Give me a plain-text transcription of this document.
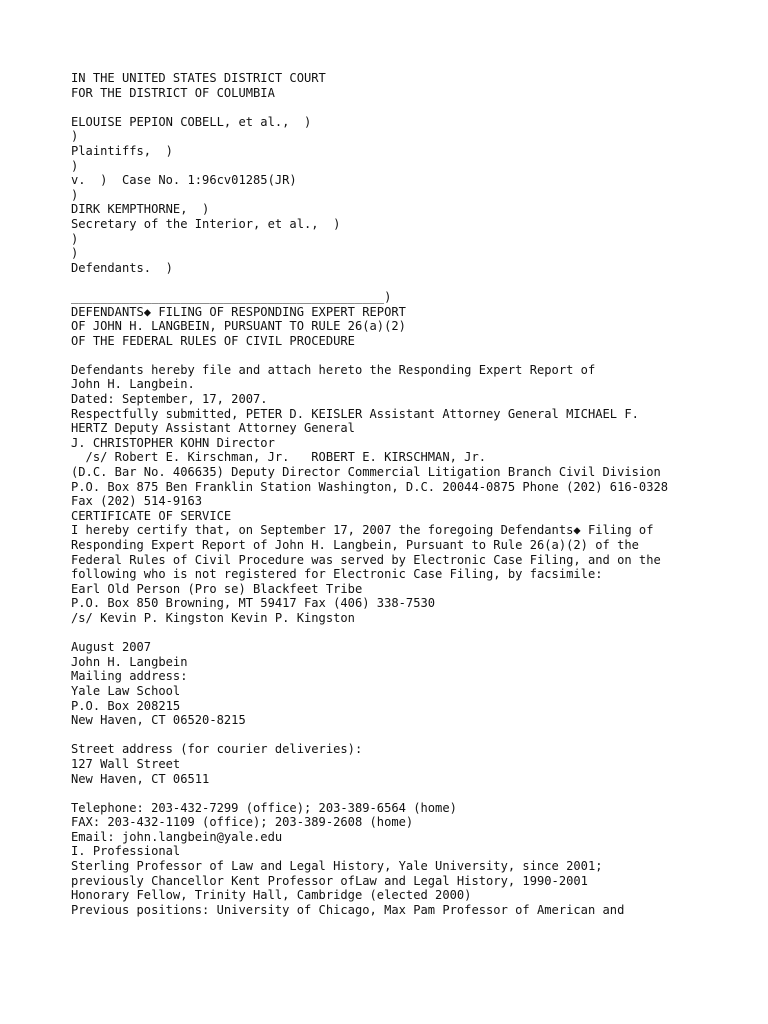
IN THE UNITED STATES DISTRICT COURT
FOR THE DISTRICT OF COLUMBIA
ELOUISE PEPION COBELL, et al.,  )
)
Plaintiffs,  )
)
v.  )  Case No. 1:96cv01285(JR)
)
DIRK KEMPTHORNE,  )
Secretary of the Interior, et al.,  )
)
)
Defendants.  )
___________________________________________)
DEFENDANTS◆ FILING OF RESPONDING EXPERT REPORT
OF JOHN H. LANGBEIN, PURSUANT TO RULE 26(a)(2)
OF THE FEDERAL RULES OF CIVIL PROCEDURE
Defendants hereby file and attach hereto the Responding Expert Report of
John H. Langbein.
Dated: September, 17, 2007.
Respectfully submitted, PETER D. KEISLER Assistant Attorney General MICHAEL F.
HERTZ Deputy Assistant Attorney General
J. CHRISTOPHER KOHN Director
/s/ Robert E. Kirschman, Jr.   ROBERT E. KIRSCHMAN, Jr.
(D.C. Bar No. 406635) Deputy Director Commercial Litigation Branch Civil Division
P.O. Box 875 Ben Franklin Station Washington, D.C. 20044-0875 Phone (202) 616-0328
Fax (202) 514-9163
CERTIFICATE OF SERVICE
I hereby certify that, on September 17, 2007 the foregoing Defendants◆ Filing of
Responding Expert Report of John H. Langbein, Pursuant to Rule 26(a)(2) of the
Federal Rules of Civil Procedure was served by Electronic Case Filing, and on the
following who is not registered for Electronic Case Filing, by facsimile:
Earl Old Person (Pro se) Blackfeet Tribe
P.O. Box 850 Browning, MT 59417 Fax (406) 338-7530
/s/ Kevin P. Kingston Kevin P. Kingston
August 2007
John H. Langbein
Mailing address:
Yale Law School
P.O. Box 208215
New Haven, CT 06520-8215
Street address (for courier deliveries):
127 Wall Street
New Haven, CT 06511
Telephone: 203-432-7299 (office); 203-389-6564 (home)
FAX: 203-432-1109 (office); 203-389-2608 (home)
Email: john.langbein@yale.edu
I. Professional
Sterling Professor of Law and Legal History, Yale University, since 2001;
previously Chancellor Kent Professor ofLaw and Legal History, 1990-2001
Honorary Fellow, Trinity Hall, Cambridge (elected 2000)
Previous positions: University of Chicago, Max Pam Professor of American and
